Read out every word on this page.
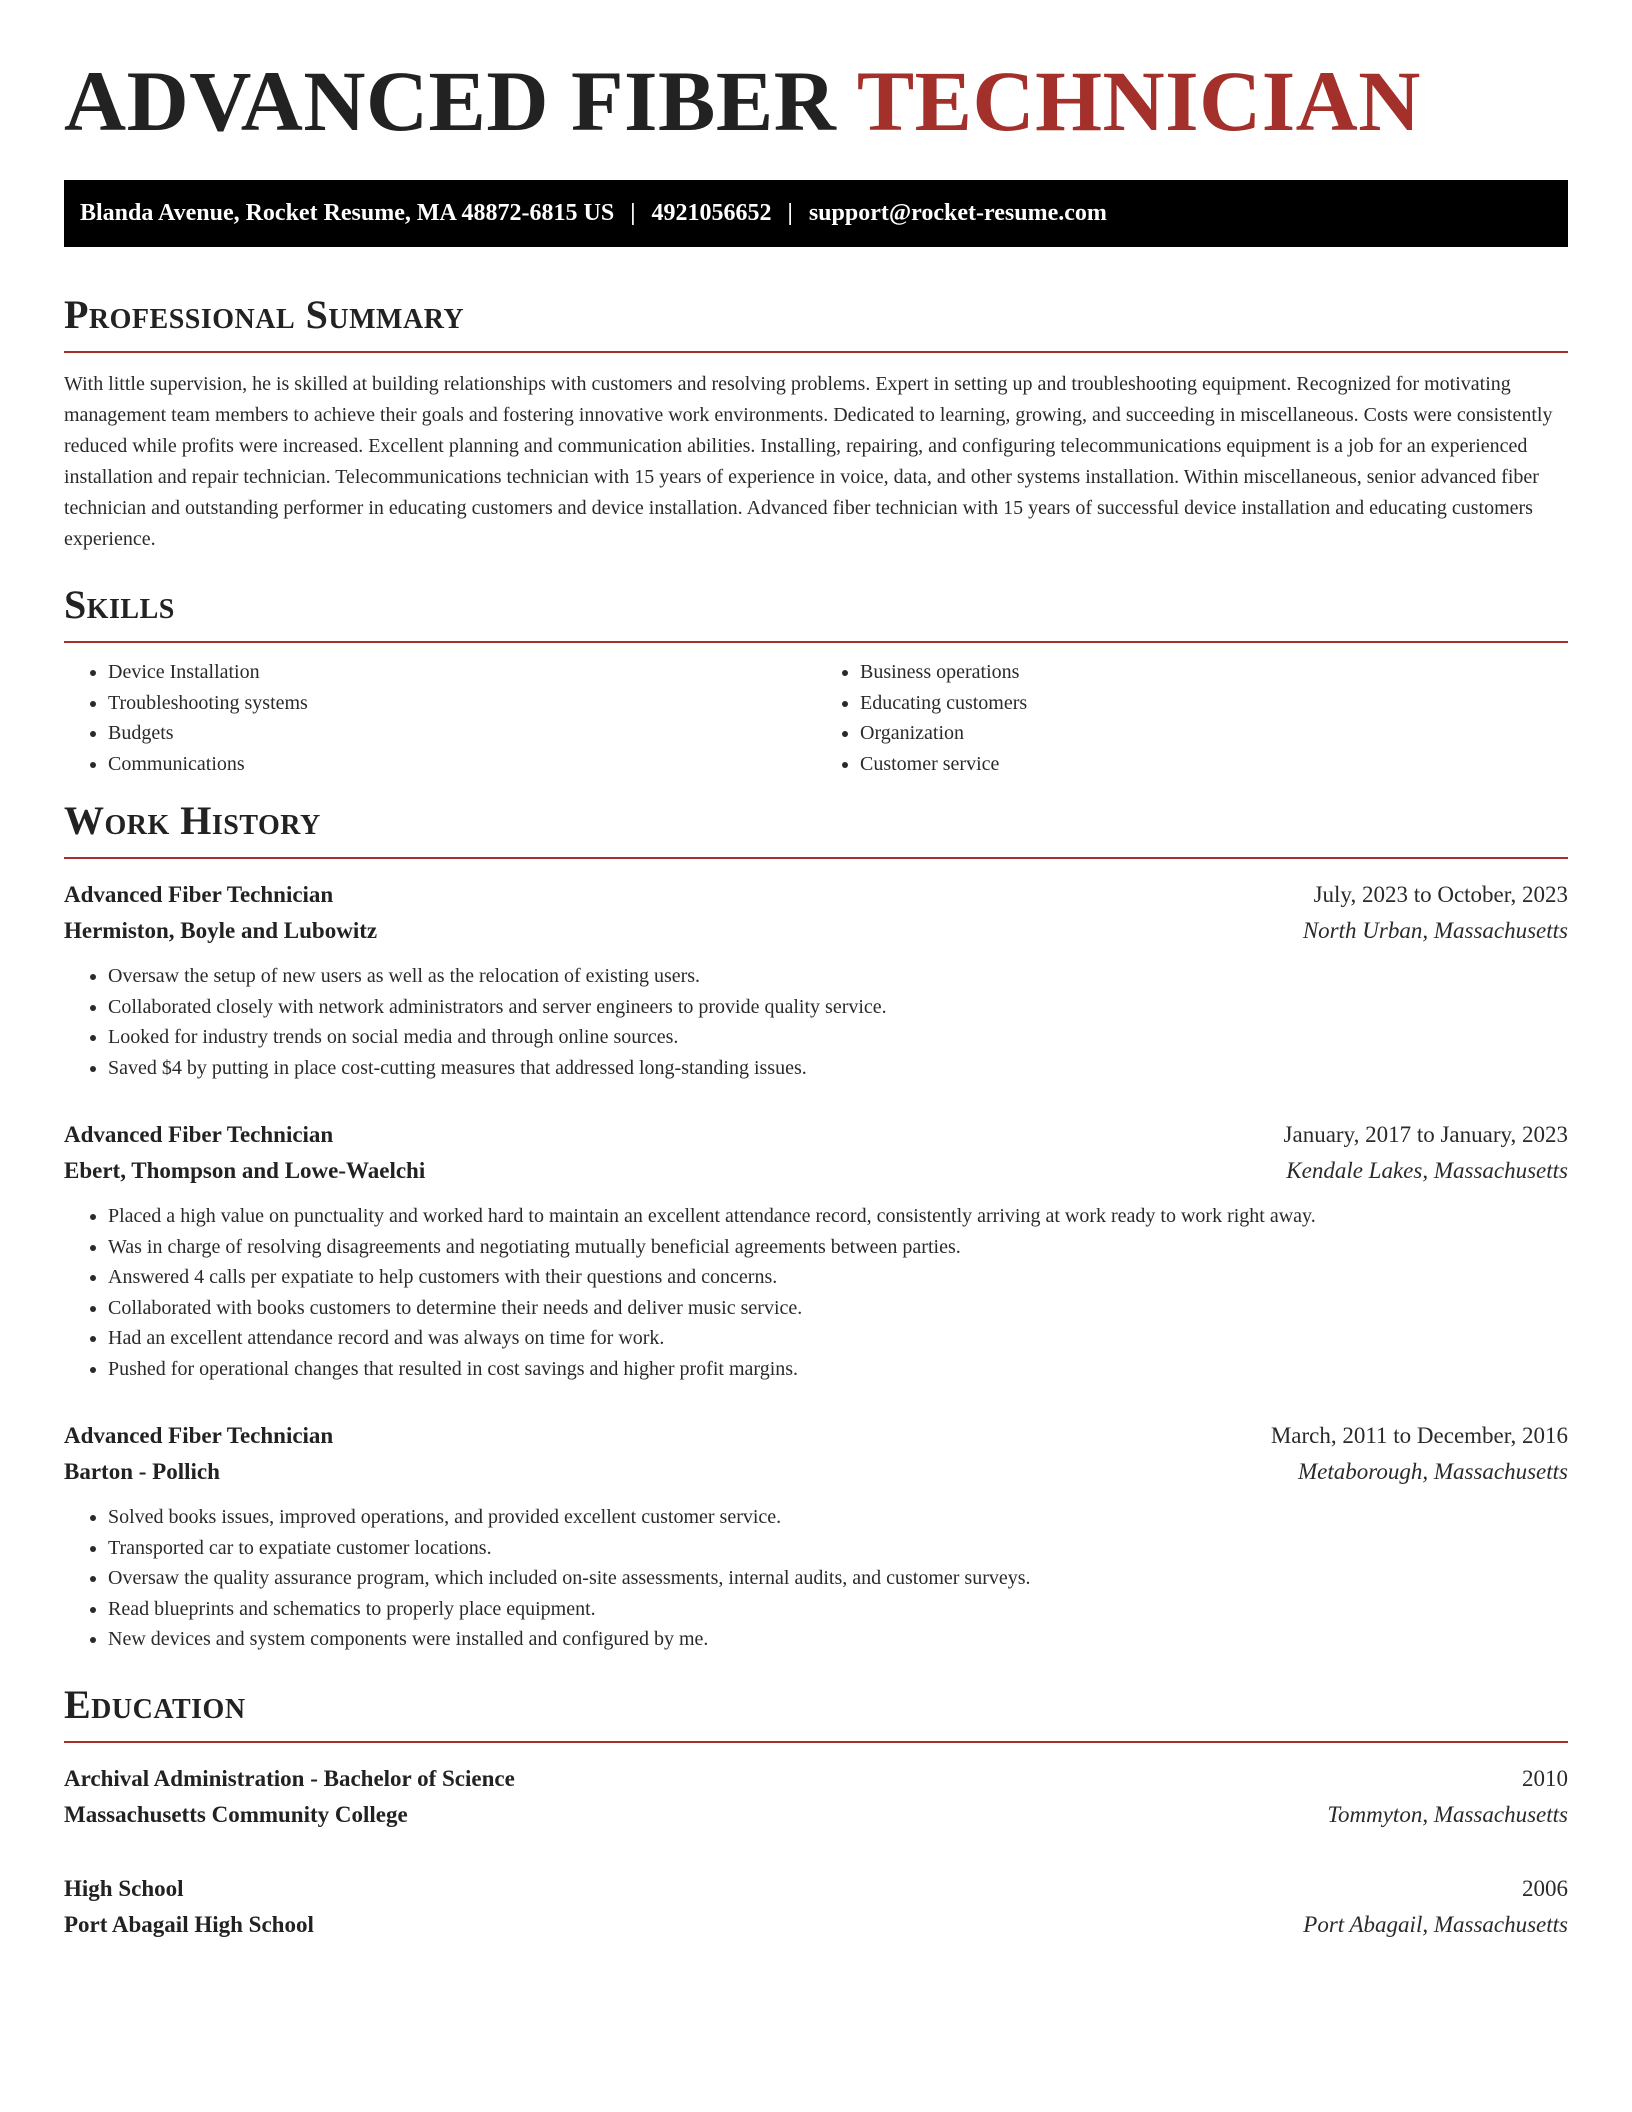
ADVANCED FIBER TECHNICIAN
Blanda Avenue, Rocket Resume, MA 48872-6815 US | 4921056652 | support@rocket-resume.com
Professional Summary

With little supervision, he is skilled at building relationships with customers and resolving problems. Expert in setting up and troubleshooting equipment. Recognized for motivating management team members to achieve their goals and fostering innovative work environments. Dedicated to learning, growing, and succeeding in miscellaneous. Costs were consistently reduced while profits were increased. Excellent planning and communication abilities. Installing, repairing, and configuring telecommunications equipment is a job for an experienced installation and repair technician. Telecommunications technician with 15 years of experience in voice, data, and other systems installation. Within miscellaneous, senior advanced fiber technician and outstanding performer in educating customers and device installation. Advanced fiber technician with 15 years of successful device installation and educating customers experience.

Skills
• Device Installation
• Troubleshooting systems
• Budgets
• Communications
• Business operations
• Educating customers
• Organization
• Customer service
Work History
Advanced Fiber Technician	July, 2023 to October, 2023
Hermiston, Boyle and Lubowitz	North Urban, Massachusetts
• Oversaw the setup of new users as well as the relocation of existing users.
• Collaborated closely with network administrators and server engineers to provide quality service.
• Looked for industry trends on social media and through online sources.
• Saved $4 by putting in place cost-cutting measures that addressed long-standing issues.
Advanced Fiber Technician	January, 2017 to January, 2023
Ebert, Thompson and Lowe-Waelchi	Kendale Lakes, Massachusetts
• Placed a high value on punctuality and worked hard to maintain an excellent attendance record, consistently arriving at work ready to work right away.
• Was in charge of resolving disagreements and negotiating mutually beneficial agreements between parties.
• Answered 4 calls per expatiate to help customers with their questions and concerns.
• Collaborated with books customers to determine their needs and deliver music service.
• Had an excellent attendance record and was always on time for work.
• Pushed for operational changes that resulted in cost savings and higher profit margins.
Advanced Fiber Technician	March, 2011 to December, 2016
Barton - Pollich	Metaborough, Massachusetts
• Solved books issues, improved operations, and provided excellent customer service.
• Transported car to expatiate customer locations.
• Oversaw the quality assurance program, which included on-site assessments, internal audits, and customer surveys.
• Read blueprints and schematics to properly place equipment.
• New devices and system components were installed and configured by me.
Education
Archival Administration - Bachelor of Science	2010
Massachusetts Community College	Tommyton, Massachusetts
High School	2006
Port Abagail High School	Port Abagail, Massachusetts
